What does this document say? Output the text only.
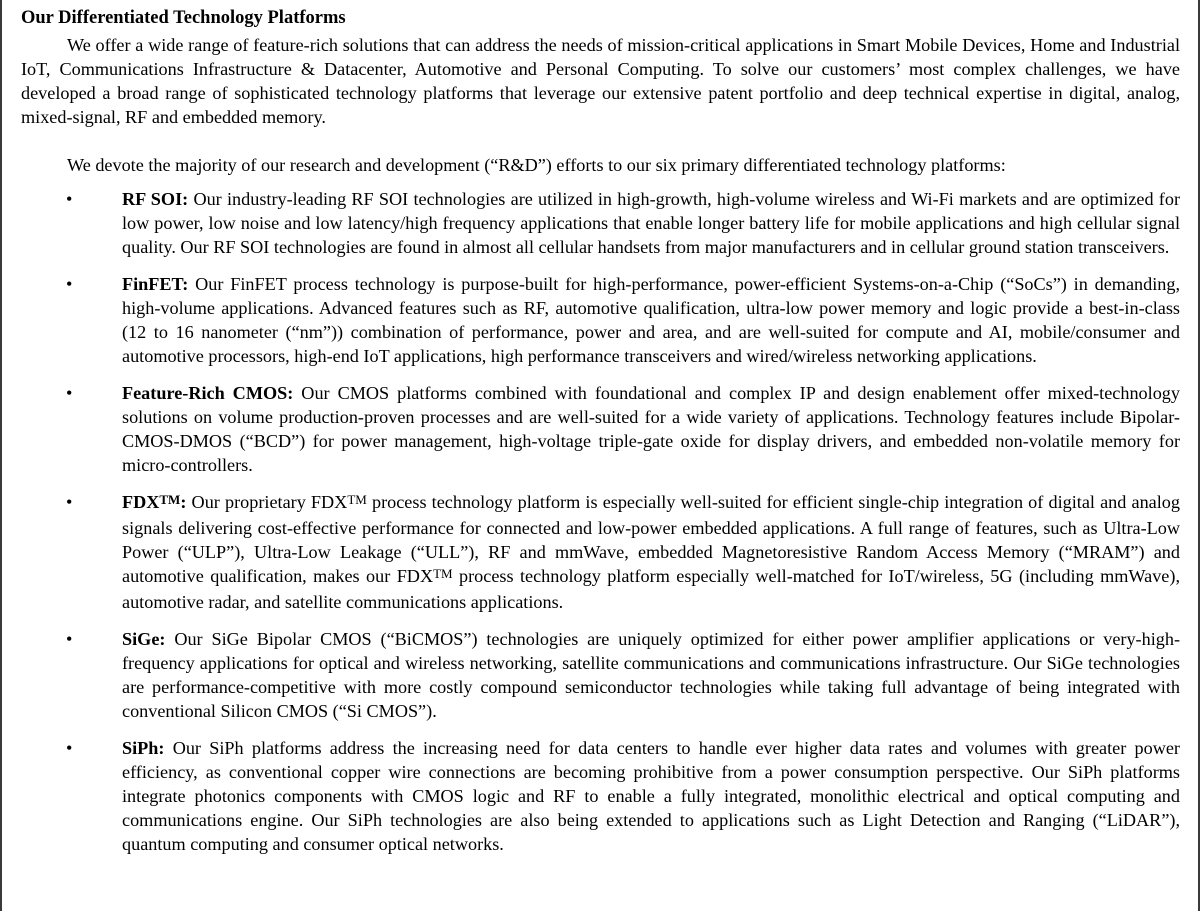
Our Differentiated Technology Platforms

We offer a wide range of feature-rich solutions that can address the needs of mission-critical applications in Smart Mobile Devices, Home and Industrial IoT, Communications Infrastructure & Datacenter, Automotive and Personal Computing. To solve our customers’ most complex challenges, we have developed a broad range of sophisticated technology platforms that leverage our extensive patent portfolio and deep technical expertise in digital, analog, mixed-signal, RF and embedded memory.

We devote the majority of our research and development (“R&D”) efforts to our six primary differentiated technology platforms:

•	RF SOI: Our industry-leading RF SOI technologies are utilized in high-growth, high-volume wireless and Wi-Fi markets and are optimized for low power, low noise and low latency/high frequency applications that enable longer battery life for mobile applications and high cellular signal quality. Our RF SOI technologies are found in almost all cellular handsets from major manufacturers and in cellular ground station transceivers.
•	FinFET: Our FinFET process technology is purpose-built for high-performance, power-efficient Systems-on-a-Chip (“SoCs”) in demanding, high-volume applications. Advanced features such as RF, automotive qualification, ultra-low power memory and logic provide a best-in-class (12 to 16 nanometer (“nm”)) combination of performance, power and area, and are well-suited for compute and AI, mobile/consumer and automotive processors, high-end IoT applications, high performance transceivers and wired/wireless networking applications.
•	Feature-Rich CMOS: Our CMOS platforms combined with foundational and complex IP and design enablement offer mixed-technology solutions on volume production-proven processes and are well-suited for a wide variety of applications. Technology features include Bipolar-CMOS-DMOS (“BCD”) for power management, high-voltage triple-gate oxide for display drivers, and embedded non-volatile memory for micro-controllers.
•	FDX™: Our proprietary FDX™ process technology platform is especially well-suited for efficient single-chip integration of digital and analog signals delivering cost-effective performance for connected and low-power embedded applications. A full range of features, such as Ultra-Low Power (“ULP”), Ultra-Low Leakage (“ULL”), RF and mmWave, embedded Magnetoresistive Random Access Memory (“MRAM”) and automotive qualification, makes our FDX™ process technology platform especially well-matched for IoT/wireless, 5G (including mmWave), automotive radar, and satellite communications applications.
•	SiGe: Our SiGe Bipolar CMOS (“BiCMOS”) technologies are uniquely optimized for either power amplifier applications or very-high-frequency applications for optical and wireless networking, satellite communications and communications infrastructure. Our SiGe technologies are performance-competitive with more costly compound semiconductor technologies while taking full advantage of being integrated with conventional Silicon CMOS (“Si CMOS”).
•	SiPh: Our SiPh platforms address the increasing need for data centers to handle ever higher data rates and volumes with greater power efficiency, as conventional copper wire connections are becoming prohibitive from a power consumption perspective. Our SiPh platforms integrate photonics components with CMOS logic and RF to enable a fully integrated, monolithic electrical and optical computing and communications engine. Our SiPh technologies are also being extended to applications such as Light Detection and Ranging (“LiDAR”), quantum computing and consumer optical networks.
